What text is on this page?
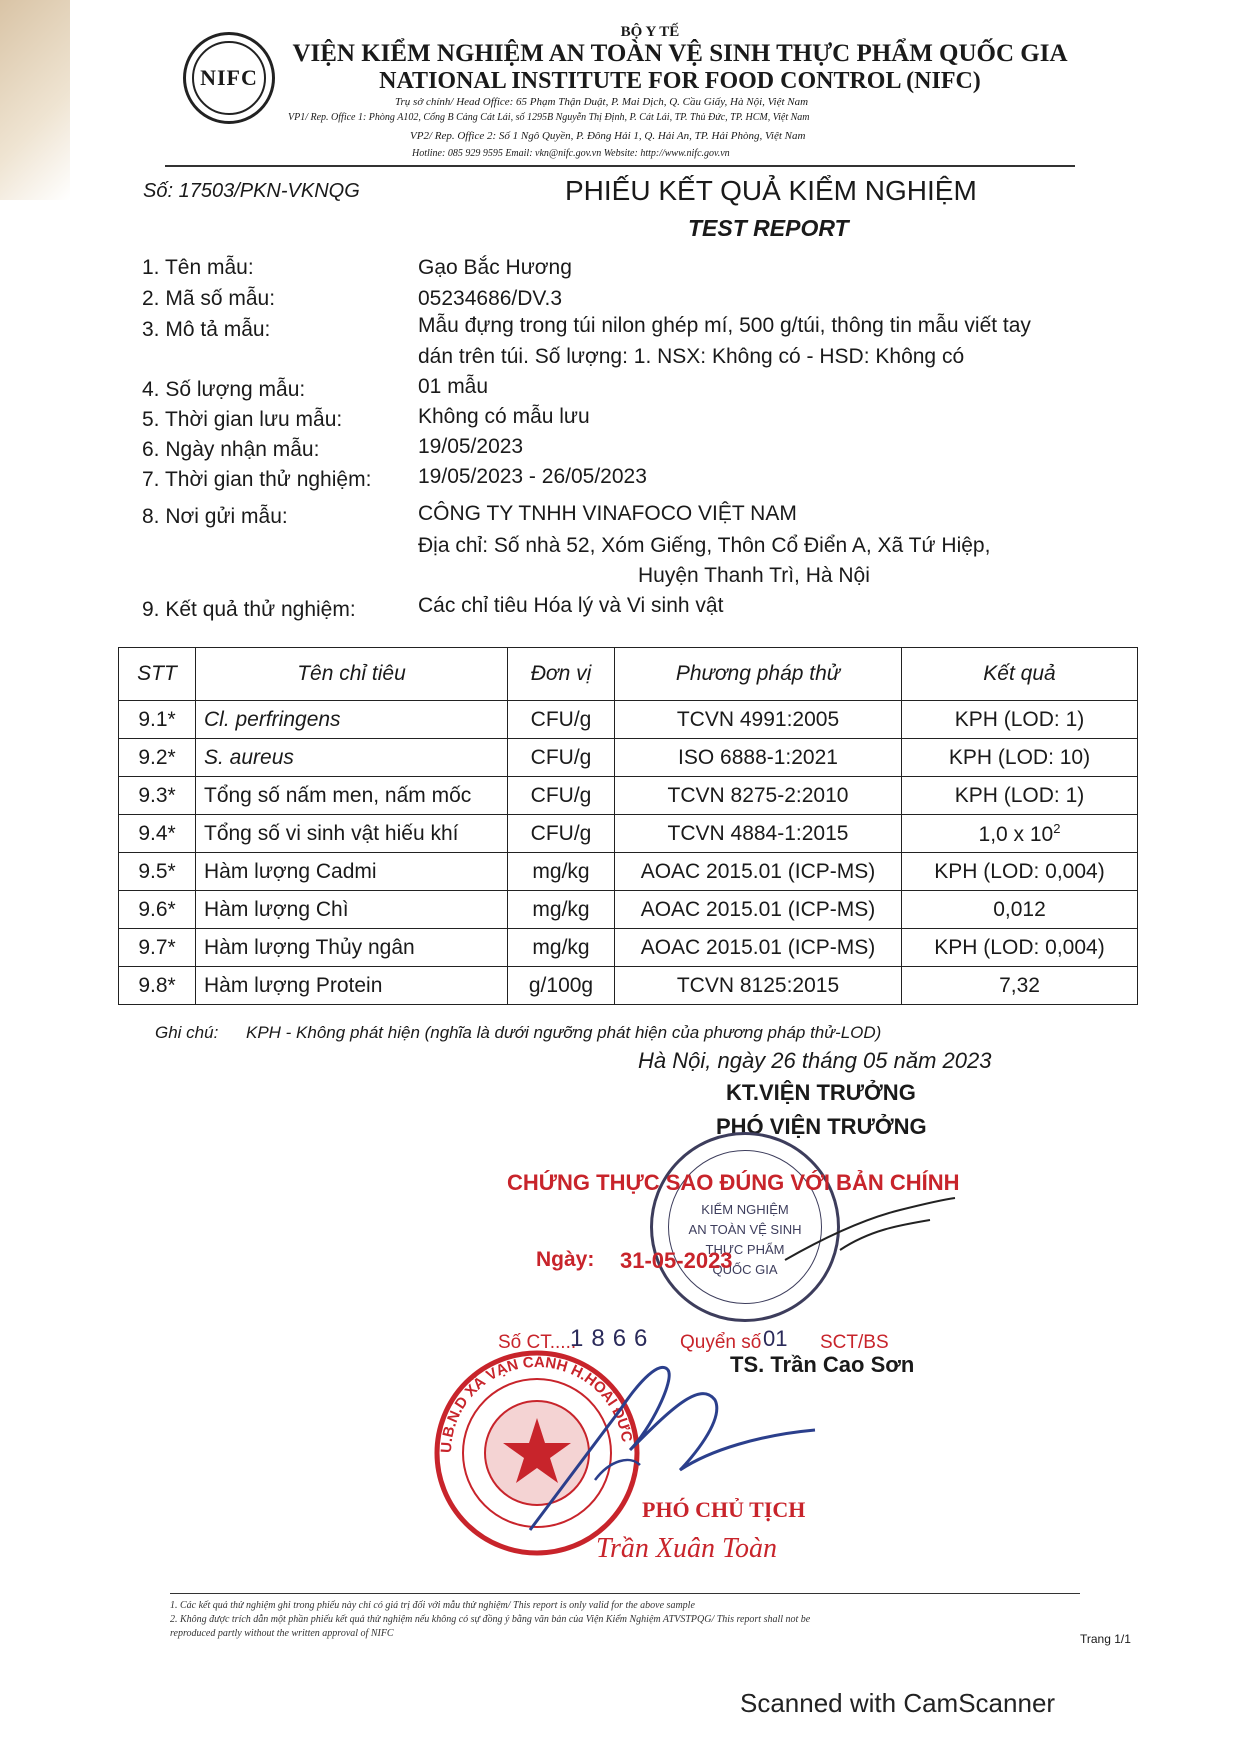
NIFC
BỘ Y TẾ
VIỆN KIỂM NGHIỆM AN TOÀN VỆ SINH THỰC PHẨM QUỐC GIA
NATIONAL INSTITUTE FOR FOOD CONTROL (NIFC)
Trụ sở chính/ Head Office: 65 Phạm Thận Duật, P. Mai Dịch, Q. Cầu Giấy, Hà Nội, Việt Nam
VP1/ Rep. Office 1: Phòng A102, Cổng B Cảng Cát Lái, số 1295B Nguyễn Thị Định, P. Cát Lái, TP. Thủ Đức, TP. HCM, Việt Nam
VP2/ Rep. Office 2: Số 1 Ngô Quyền, P. Đông Hải 1, Q. Hải An, TP. Hải Phòng, Việt Nam
Hotline: 085 929 9595 Email: vkn@nifc.gov.vn Website: http://www.nifc.gov.vn
Số: 17503/PKN-VKNQG	PHIẾU KẾT QUẢ KIỂM NGHIỆM
TEST REPORT
1. Tên mẫu:	Gạo Bắc Hương
2. Mã số mẫu:	05234686/DV.3
3. Mô tả mẫu:	Mẫu đựng trong túi nilon ghép mí, 500 g/túi, thông tin mẫu viết tay
dán trên túi. Số lượng: 1. NSX: Không có - HSD: Không có
4. Số lượng mẫu:	01 mẫu
5. Thời gian lưu mẫu:	Không có mẫu lưu
6. Ngày nhận mẫu:	19/05/2023
7. Thời gian thử nghiệm: 19/05/2023 - 26/05/2023
8. Nơi gửi mẫu:	CÔNG TY TNHH VINAFOCO VIỆT NAM
Địa chỉ: Số nhà 52, Xóm Giếng, Thôn Cổ Điển A, Xã Tứ Hiệp,
Huyện Thanh Trì, Hà Nội
9. Kết quả thử nghiệm:	Các chỉ tiêu Hóa lý và Vi sinh vật
STT	Tên chỉ tiêu	Đơn vị	Phương pháp thử	Kết quả
9.1*	Cl. perfringens	CFU/g	TCVN 4991:2005	KPH (LOD: 1)
9.2*	S. aureus	CFU/g	ISO 6888-1:2021	KPH (LOD: 10)
9.3*	Tổng số nấm men, nấm mốc	CFU/g	TCVN 8275-2:2010	KPH (LOD: 1)
9.4*	Tổng số vi sinh vật hiếu khí	CFU/g	TCVN 4884-1:2015	1,0 x $10^2$
9.5*	Hàm lượng Cadmi	mg/kg	AOAC 2015.01 (ICP-MS)	KPH (LOD: 0,004)
9.6*	Hàm lượng Chì	mg/kg	AOAC 2015.01 (ICP-MS)	0,012
9.7*	Hàm lượng Thủy ngân	mg/kg	AOAC 2015.01 (ICP-MS)	KPH (LOD: 0,004)
9.8*	Hàm lượng Protein	g/100g	TCVN 8125:2015	7,32
Ghi chú: KPH - Không phát hiện (nghĩa là dưới ngưỡng phát hiện của phương pháp thử-LOD)
Hà Nội, ngày 26 tháng 05 năm 2023
KT.VIỆN TRƯỞNG
PHÓ VIỆN TRƯỞNG
KIỂM NGHIỆM
AN TOÀN VỆ SINH
THỰC PHẨM
QUỐC GIA
CHỨNG THỰC SAO ĐÚNG VỚI BẢN CHÍNH
Ngày: 31-05-2023
Số CT.....
1866 Quyển số 01 SCT/BS
TS. Trần Cao Sơn
U.B.N.D XÃ VẠN CANH H.HOÀI ĐỨC
PHÓ CHỦ TỊCH
Trần Xuân Toàn
1. Các kết quả thử nghiệm ghi trong phiếu này chỉ có giá trị đối với mẫu thử nghiệm/ This report is only valid for the above sample
2. Không được trích dẫn một phần phiếu kết quả thử nghiệm nếu không có sự đồng ý bằng văn bản của Viện Kiểm Nghiệm ATVSTPQG/ This report shall not be
reproduced partly without the written approval of NIFC	Trang 1/1
Scanned with CamScanner
